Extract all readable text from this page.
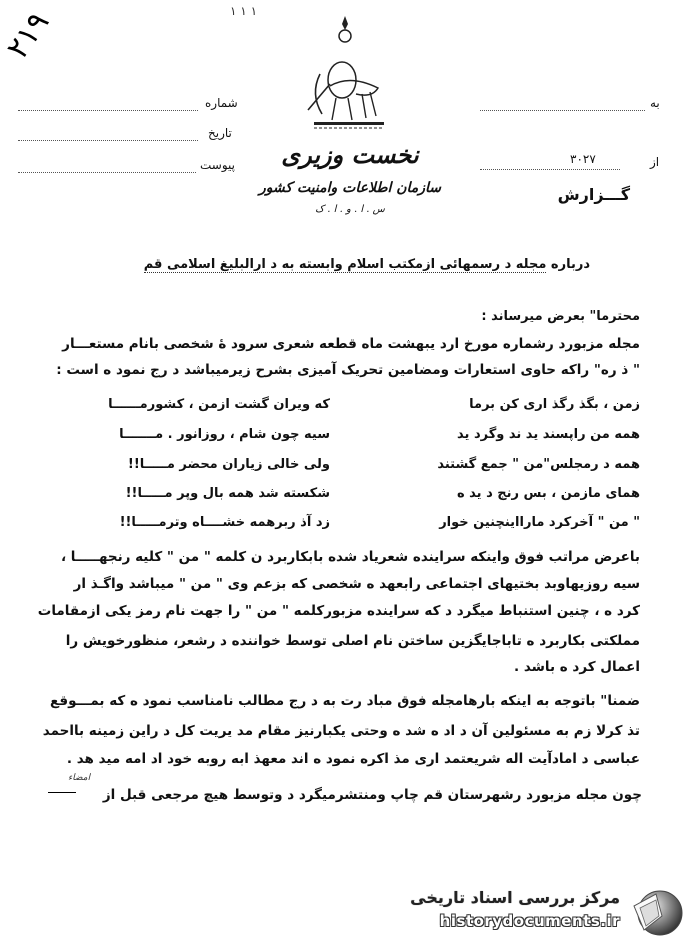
۲۱۹	۱ ۱ ۱
شماره
تاریخ
پیوست
به
از
۳۰۲۷
نخست وزیری
سازمان اطلاعات وامنیت کشور
س . ا . و . ا . ک
گـــزارش
درباره مجله د رسمهائی ازمکتب اسلام وابسته به د ارالبلیغ اسلامی قم
محترما" بعرض میرساند :
مجله مزبورد رشماره مورخ ارد یبهشت ماه قطعه شعری سرود ۀ شخصی بانام مستعـــار
" ذ ره" راکه حاوی استعارات ومضامین تحریک آمیزی بشرح زیرمیباشد د رج نمود ه است :
زمن ، بگذ رگذ اری کن برما
که ویران گشت ازمن ، کشورمــــــا
همه من راپسند ید ند وگرد ید
سیه چون شام ، روزانور . مـــــــا
همه د رمجلس"من " جمع گشتند
ولی خالی زیاران محضر مـــــا!!
همای مازمن ، بس رنج د ید ه
شکسته شد همه بال وپر مـــــا!!
" من " آخرکرد مارااینچنین خوار
زد آذ ربرهمه خشــــاه وترمـــــا!!
باعرض مراتب فوق واینکه سراینده شعریاد شده بابکاربرد ن کلمه " من " کلیه رنجهـــــا ،
سیه روزیهاوبد بختیهای اجتماعی رابعهد ه شخصی که بزعم وی " من " میباشد واگـذ ار
کرد ه ، چنین استنباط میگرد د که سراینده مزبورکلمه " من " را جهت نام رمز یکی ازمقامات
مملکتی بکاربرد ه تاباجایگزین ساختن نام اصلی توسط خواننده د رشعر، منظورخویش را
اعمال کرد ه باشد .
ضمنا" باتوجه به اینکه بارهامجله فوق مباد رت به د رج مطالب نامناسب نمود ه که بمـــوقع
تذ کرلا زم به مسئولین آن د اد ه شد ه وحتی یکبارنیز مقام مد یریت کل د راین زمینه بااحمد
عباسی د امادآیت اله شریعتمد اری مذ اکره نمود ه اند معهذ ابه روبه خود اد امه مید هد .
امضاء
چون مجله مزبورد رشهرستان قم چاپ ومنتشرمیگرد د وتوسط هیچ مرجعی قبل از
مرکز بررسی اسناد تاریخی
historydocuments.ir
